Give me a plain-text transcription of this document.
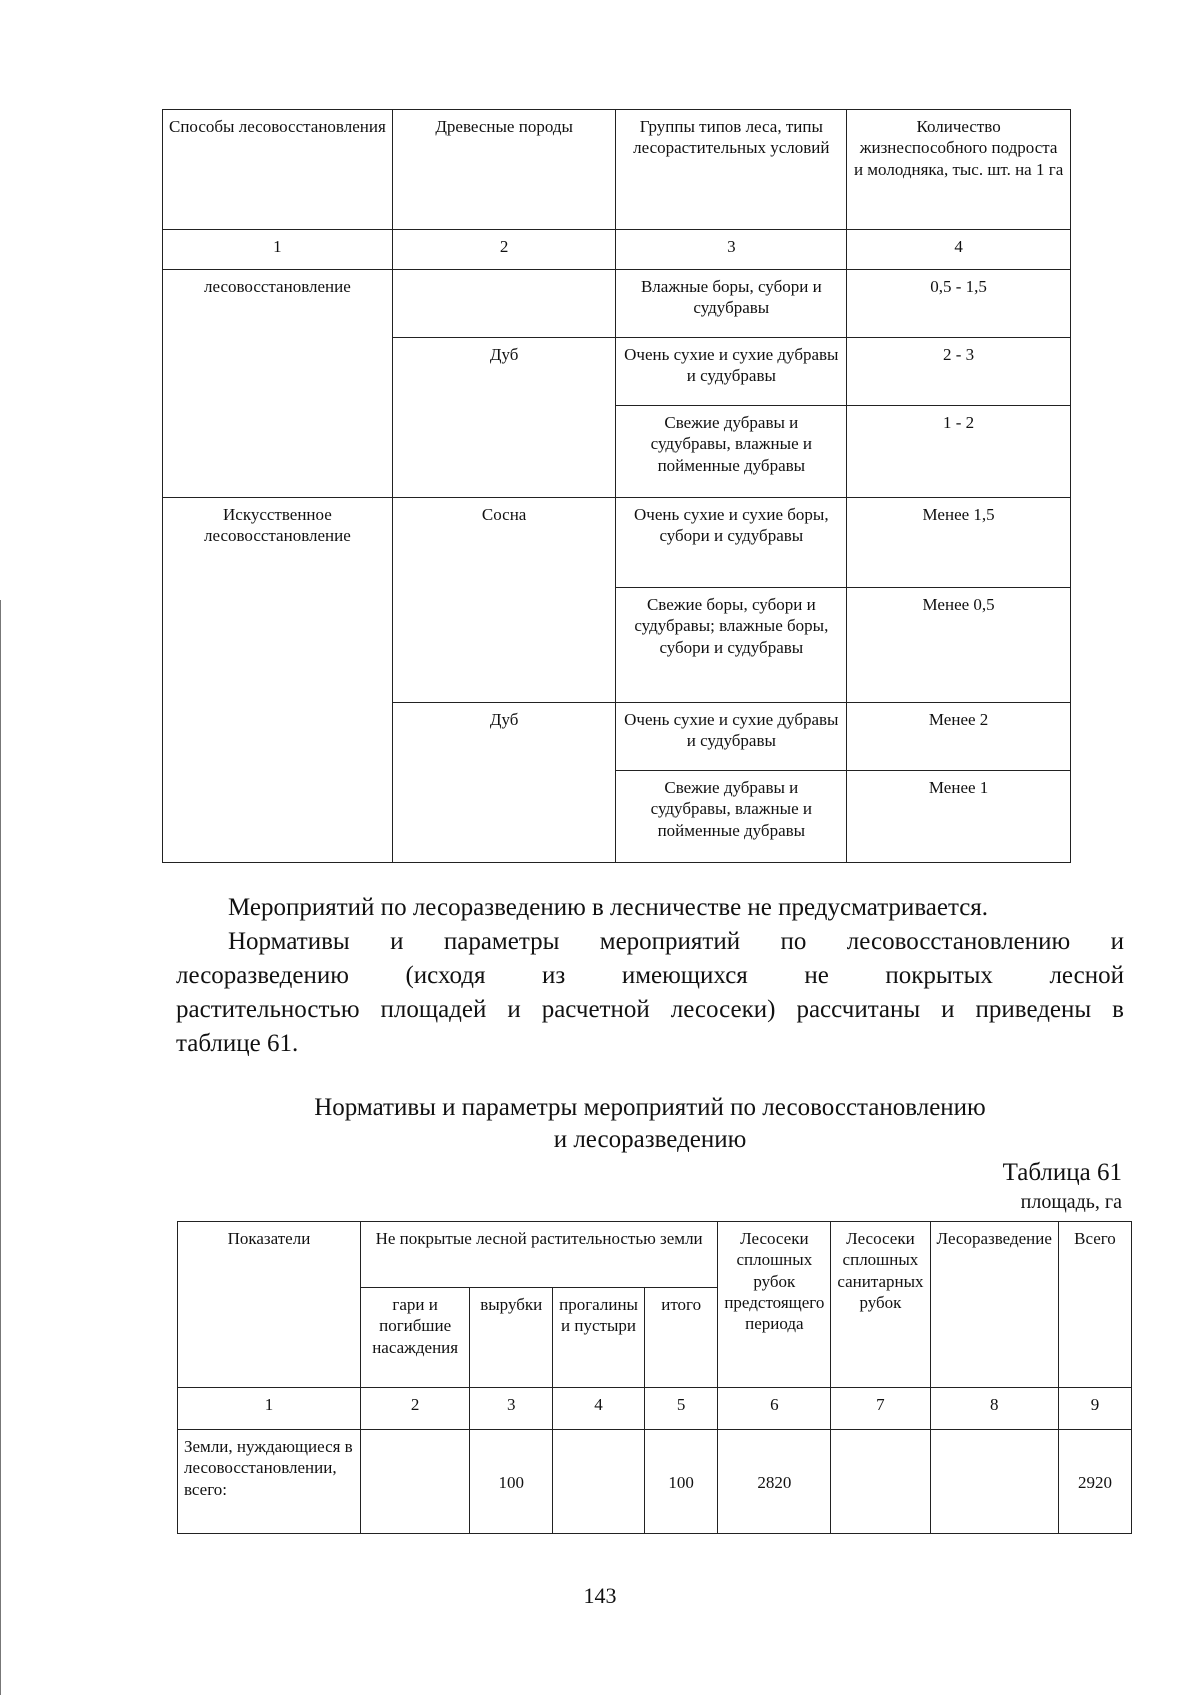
Способы лесовосстановления	Древесные породы	Группы типов леса, типы лесорастительных условий	Количество жизнеспособного подроста и молодняка, тыс. шт. на 1 га
1	2	3	4
лесовосстановление		Влажные боры, субори и судубравы	0,5 - 1,5
	Дуб	Очень сухие и сухие дубравы и судубравы	2 - 3
		Свежие дубравы и судубравы, влажные и пойменные дубравы	1 - 2
Искусственное лесовосстановление	Сосна	Очень сухие и сухие боры, субори и судубравы	Менее 1,5
		Свежие боры, субори и судубравы; влажные боры, субори и судубравы	Менее 0,5
	Дуб	Очень сухие и сухие дубравы и судубравы	Менее 2
		Свежие дубравы и судубравы, влажные и пойменные дубравы	Менее 1
Мероприятий по лесоразведению в лесничестве не предусматривается.
Нормативы и параметры мероприятий по лесовосстановлению и
лесоразведению (исходя из имеющихся не покрытых лесной
растительностью площадей и расчетной лесосеки) рассчитаны и приведены в
таблице 61.
Нормативы и параметры мероприятий по лесовосстановлению
и лесоразведению
Таблица 61
площадь, га
Показатели	Не покрытые лесной растительностью земли				Лесосеки сплошных рубок предстоящего периода	Лесосеки сплошных санитарных рубок	Лесоразведение	Всего
	гари и погибшие насаждения	вырубки	прогалины и пустыри	итого				
1	2	3	4	5	6	7	8	9
Земли, нуждающиеся в лесовосстановлении, всего:		100		100	2820			2920
143
